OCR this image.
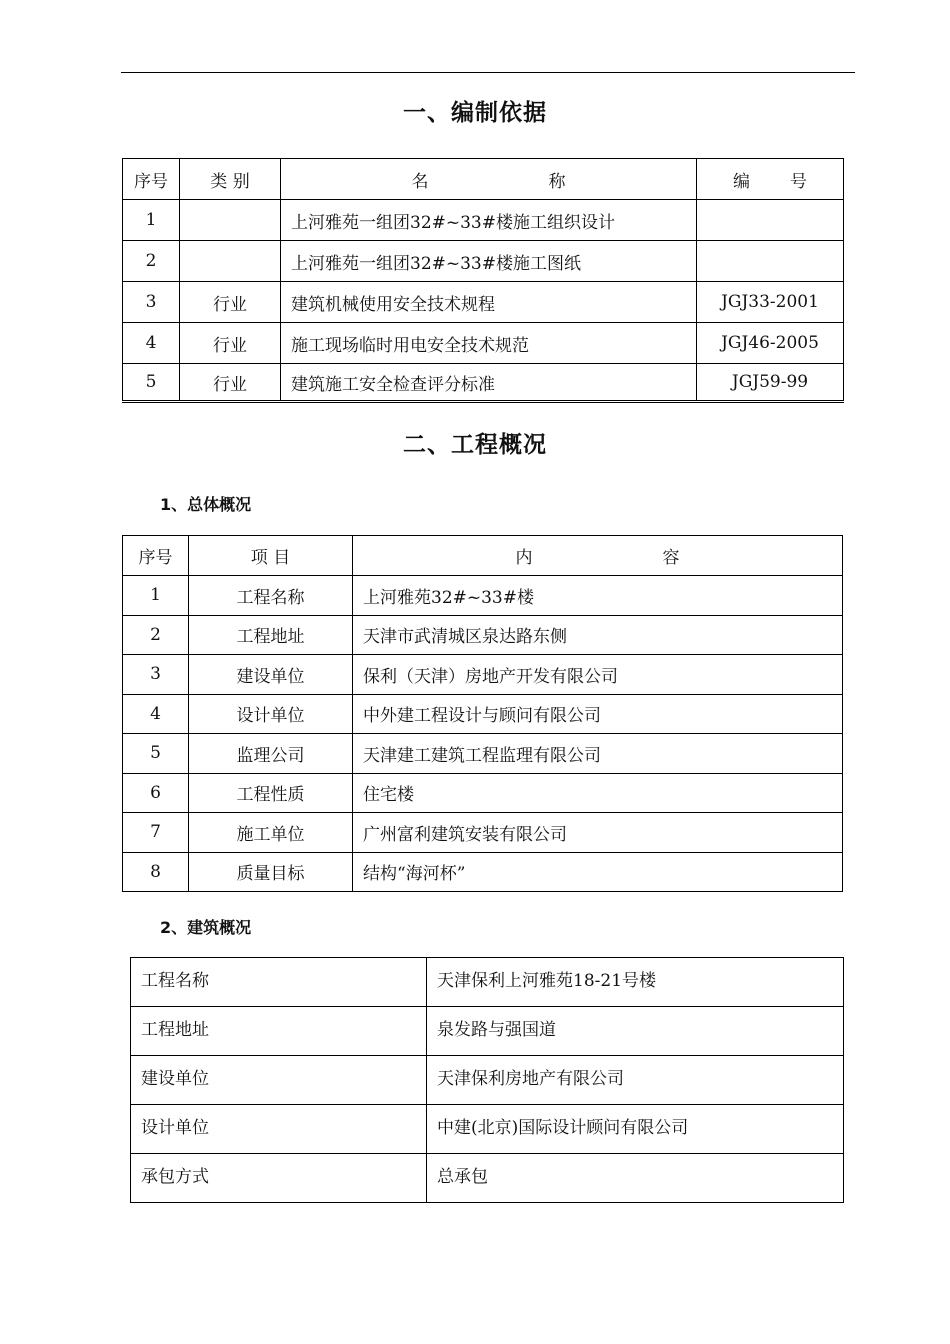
一、编制依据
序号	类 别	名 称	编 号
1		上河雅苑一组团32#~33#楼施工组织设计	
2		上河雅苑一组团32#~33#楼施工图纸	
3	行业	建筑机械使用安全技术规程	JGJ33-2001
4	行业	施工现场临时用电安全技术规范	JGJ46-2005
5	行业	建筑施工安全检查评分标准	JGJ59-99
二、工程概况
1、总体概况
序号	项 目	内 容
1	工程名称	上河雅苑32#~33#楼
2	工程地址	天津市武清城区泉达路东侧
3	建设单位	保利（天津）房地产开发有限公司
4	设计单位	中外建工程设计与顾问有限公司
5	监理公司	天津建工建筑工程监理有限公司
6	工程性质	住宅楼
7	施工单位	广州富利建筑安装有限公司
8	质量目标	结构“海河杯”
2、建筑概况
工程名称	天津保利上河雅苑18-21号楼
工程地址	泉发路与强国道
建设单位	天津保利房地产有限公司
设计单位	中建(北京)国际设计顾问有限公司
承包方式	总承包
